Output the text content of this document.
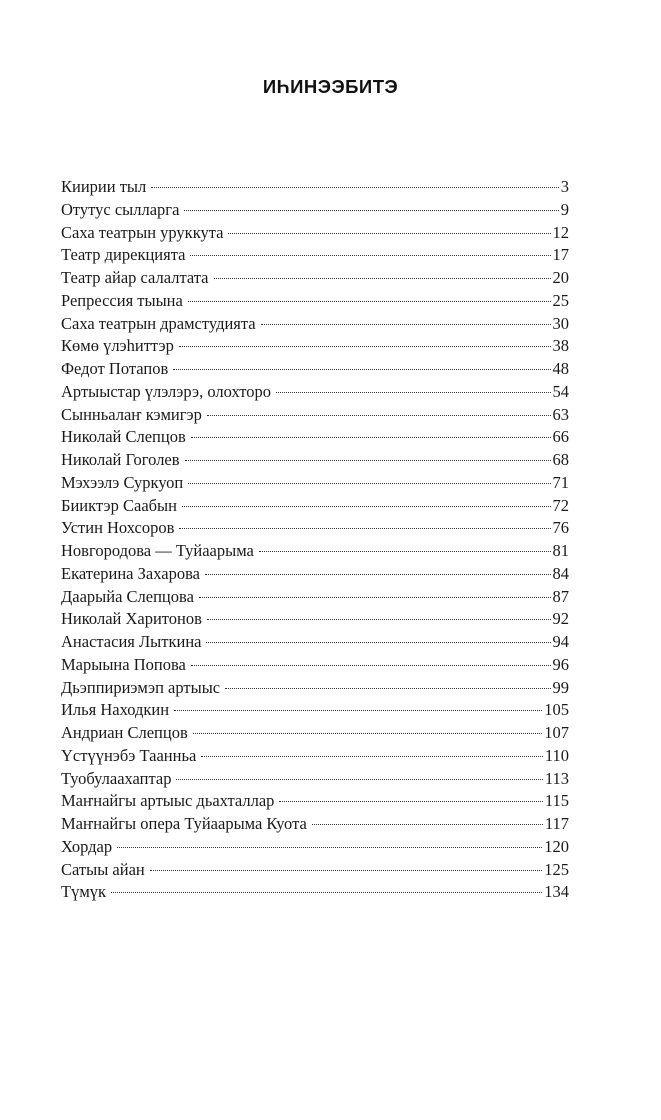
ИҺИНЭЭБИТЭ
Киирии тыл	3
Отутус сылларга	9
Саха театрын уруккута	12
Театр дирекцията	17
Театр айар салалтата	20
Репрессия тыына	25
Саха театрын драмстудията	30
Көмө үлэһиттэр	38
Федот Потапов	48
Артыыстар үлэлэрэ, олохторо	54
Сынньалаҥ кэмигэр	63
Николай Слепцов	66
Николай Гоголев	68
Мэхээлэ Суркуоп	71
Бииктэр Саабын	72
Устин Нохсоров	76
Новгородова — Туйаарыма	81
Екатерина Захарова	84
Даарыйа Слепцова	87
Николай Харитонов	92
Анастасия Лыткина	94
Марыына Попова	96
Дьэппириэмэп артыыс	99
Илья Находкин	105
Андриан Слепцов	107
Үстүүнэбэ Таанньа	110
Туобулаахаптар	113
Маҥнайгы артыыс дьахталлар	115
Маҥнайгы опера Туйаарыма Куота	117
Хордар	120
Сатыы айан	125
Түмүк	134
